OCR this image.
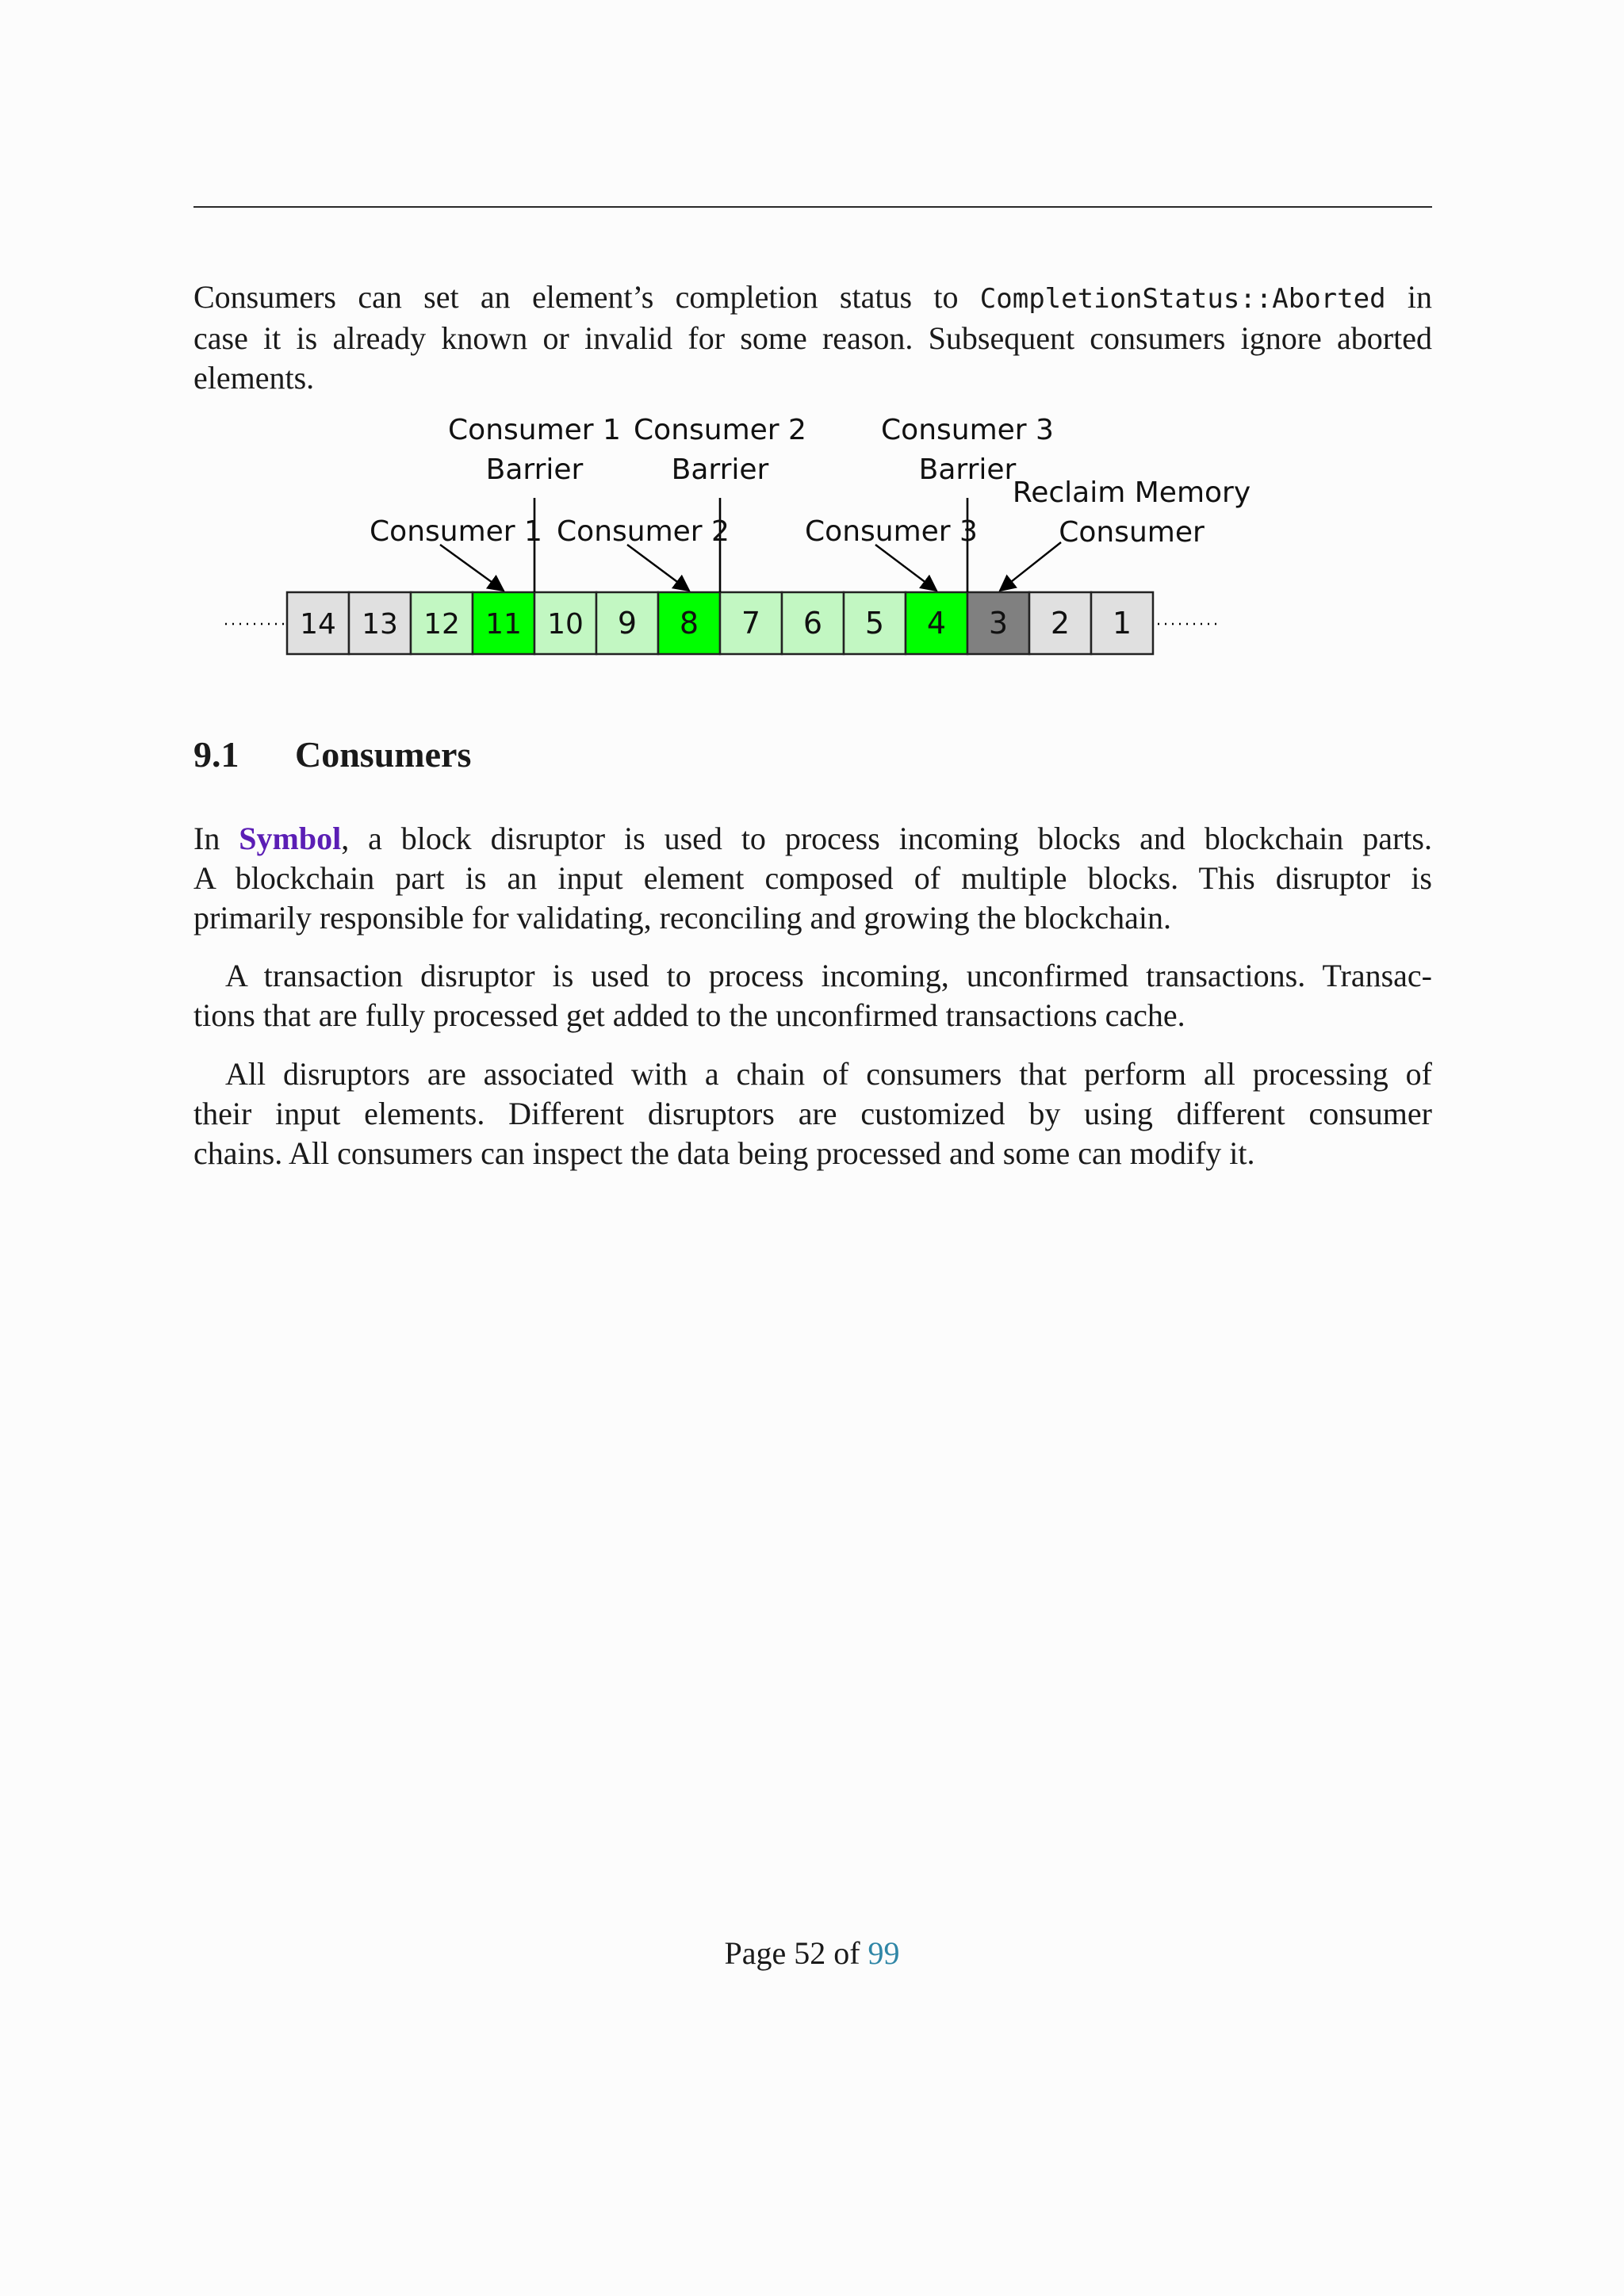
Consumers can set an element’s completion status to CompletionStatus::Aborted in
case it is already known or invalid for some reason. Subsequent consumers ignore aborted
elements.
14 13 12 11 10 9 8 7 6 5 4 3 2 1
Consumer 1
Barrier
Consumer 1
Consumer 2
Barrier
Consumer 2
Consumer 3
Barrier
Consumer 3
Reclaim Memory
Consumer
9.1 Consumers
In Symbol, a block disruptor is used to process incoming blocks and blockchain parts.
A blockchain part is an input element composed of multiple blocks. This disruptor is
primarily responsible for validating, reconciling and growing the blockchain.
A transaction disruptor is used to process incoming, unconfirmed transactions. Transac-
tions that are fully processed get added to the unconfirmed transactions cache.
All disruptors are associated with a chain of consumers that perform all processing of
their input elements. Different disruptors are customized by using different consumer
chains. All consumers can inspect the data being processed and some can modify it.
Page 52 of 99
